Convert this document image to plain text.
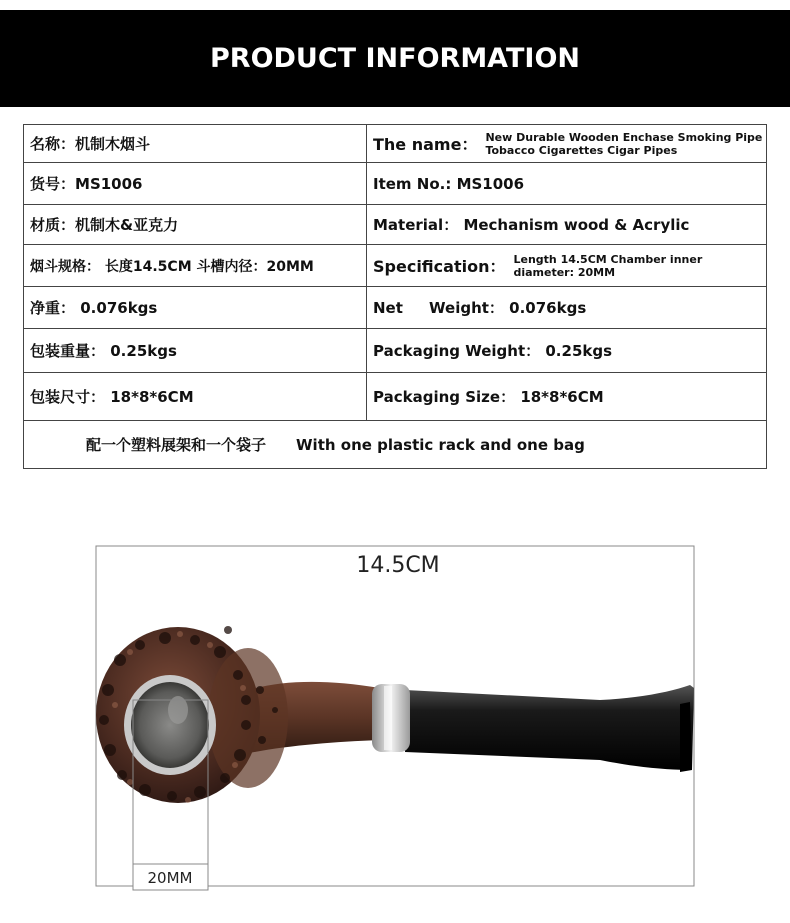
PRODUCT INFORMATION
名称：机制木烟斗	The name： New Durable Wooden Enchase Smoking Pipe
Tobacco Cigarettes Cigar Pipes

货号：MS1006	Item No.: MS1006
材质：机制木&亚克力	Material： Mechanism wood & Acrylic
烟斗规格： 长度14.5CM 斗槽内径：20MM	Specification： Length 14.5CM Chamber inner
diameter: 20MM

净重： 0.076kgs	Net     Weight： 0.076kgs
包装重量： 0.25kgs	Packaging Weight： 0.25kgs
包装尺寸： 18*8*6CM	Packaging Size： 18*8*6CM
配一个塑料展架和一个袋子 With one plastic rack and one bag	
14.5CM
20MM
